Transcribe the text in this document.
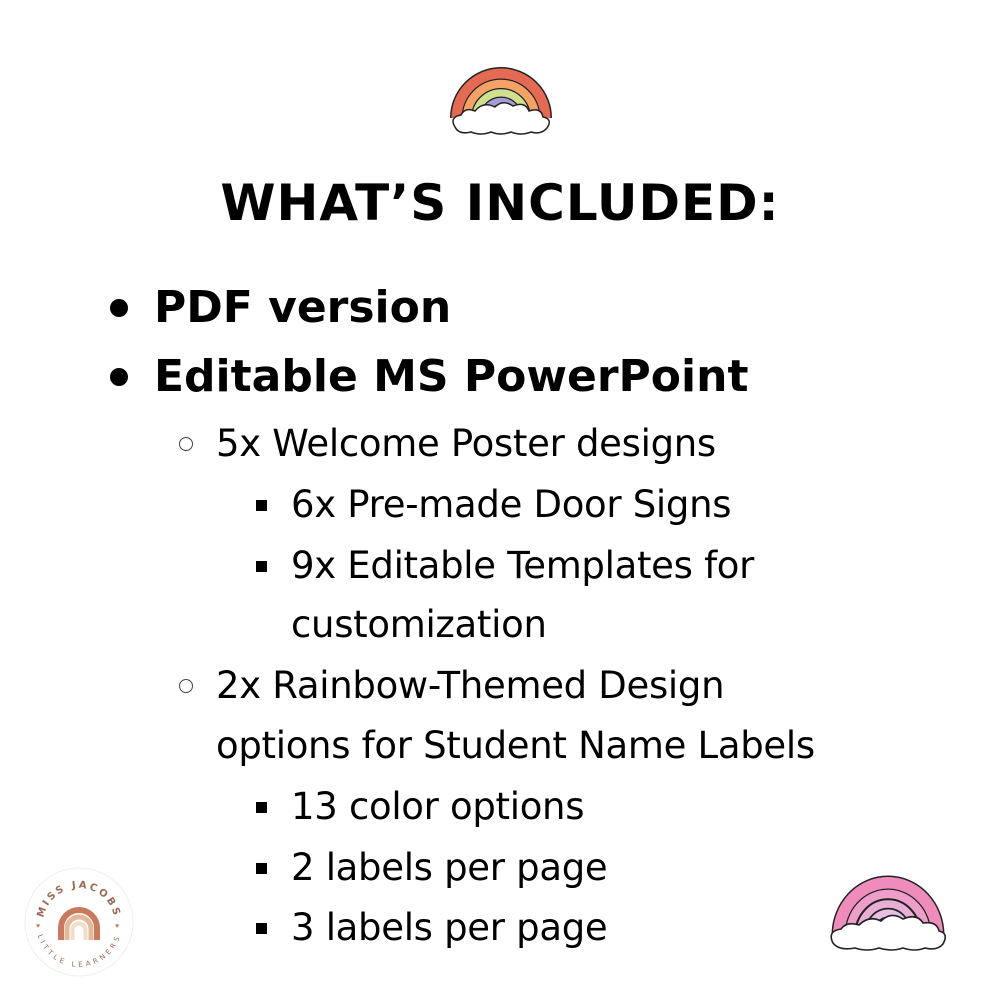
WHAT’S INCLUDED:
PDF version
Editable MS PowerPoint
5x Welcome Poster designs
6x Pre-made Door Signs
9x Editable Templates for
customization
2x Rainbow-Themed Design
options for Student Name Labels
13 color options
2 labels per page
3 labels per page
MISS JACOBS
LITTLE LEARNERS
♥	♥
